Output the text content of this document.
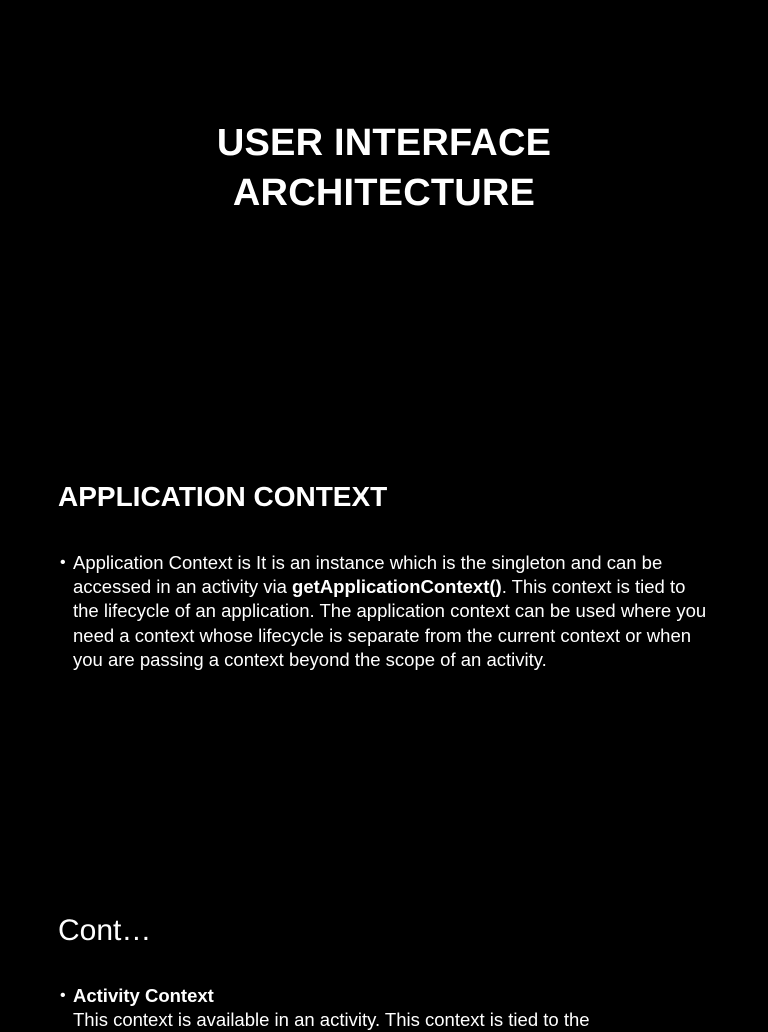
USER INTERFACE
ARCHITECTURE
APPLICATION CONTEXT
• Application Context is It is an instance which is the singleton and can be accessed in an activity via getApplicationContext(). This context is tied to the lifecycle of an application. The application context can be used where you need a context whose lifecycle is separate from the current context or when you are passing a context beyond the scope of an activity.
Cont…
• Activity Context
This context is available in an activity. This context is tied to the
